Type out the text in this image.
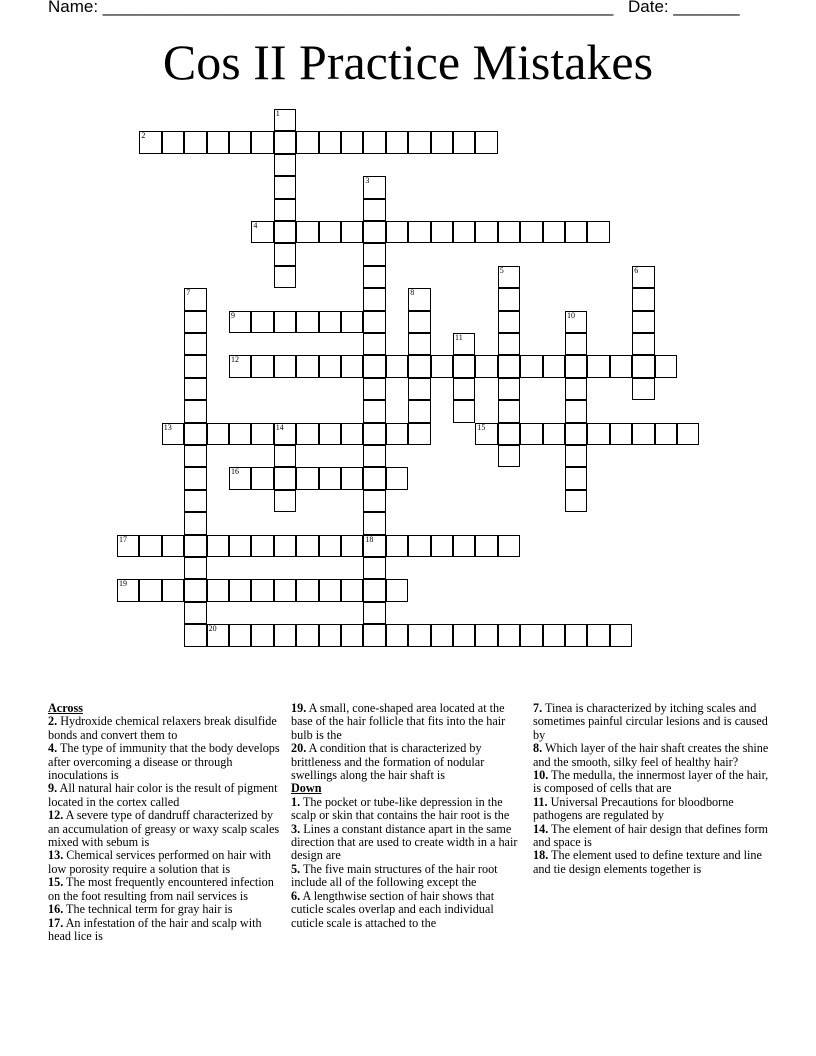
Name: ______________________________________________________ Date: _______
Cos II Practice Mistakes
1
2
3
4
5	6
7	8
9	10
11
12
13	14	15
16
17	18
19
20
Across
2. Hydroxide chemical relaxers break disulfide bonds and convert them to
4. The type of immunity that the body develops after overcoming a disease or through inoculations is
9. All natural hair color is the result of pigment located in the cortex called
12. A severe type of dandruff characterized by an accumulation of greasy or waxy scalp scales mixed with sebum is
13. Chemical services performed on hair with low porosity require a solution that is
15. The most frequently encountered infection on the foot resulting from nail services is
16. The technical term for gray hair is
17. An infestation of the hair and scalp with head lice is
19. A small, cone-shaped area located at the base of the hair follicle that fits into the hair bulb is the
20. A condition that is characterized by brittleness and the formation of nodular swellings along the hair shaft is
Down
1. The pocket or tube-like depression in the scalp or skin that contains the hair root is the
3. Lines a constant distance apart in the same direction that are used to create width in a hair design are
5. The five main structures of the hair root include all of the following except the
6. A lengthwise section of hair shows that cuticle scales overlap and each individual cuticle scale is attached to the
7. Tinea is characterized by itching scales and sometimes painful circular lesions and is caused by
8. Which layer of the hair shaft creates the shine and the smooth, silky feel of healthy hair?
10. The medulla, the innermost layer of the hair, is composed of cells that are
11. Universal Precautions for bloodborne pathogens are regulated by
14. The element of hair design that defines form and space is
18. The element used to define texture and line and tie design elements together is
